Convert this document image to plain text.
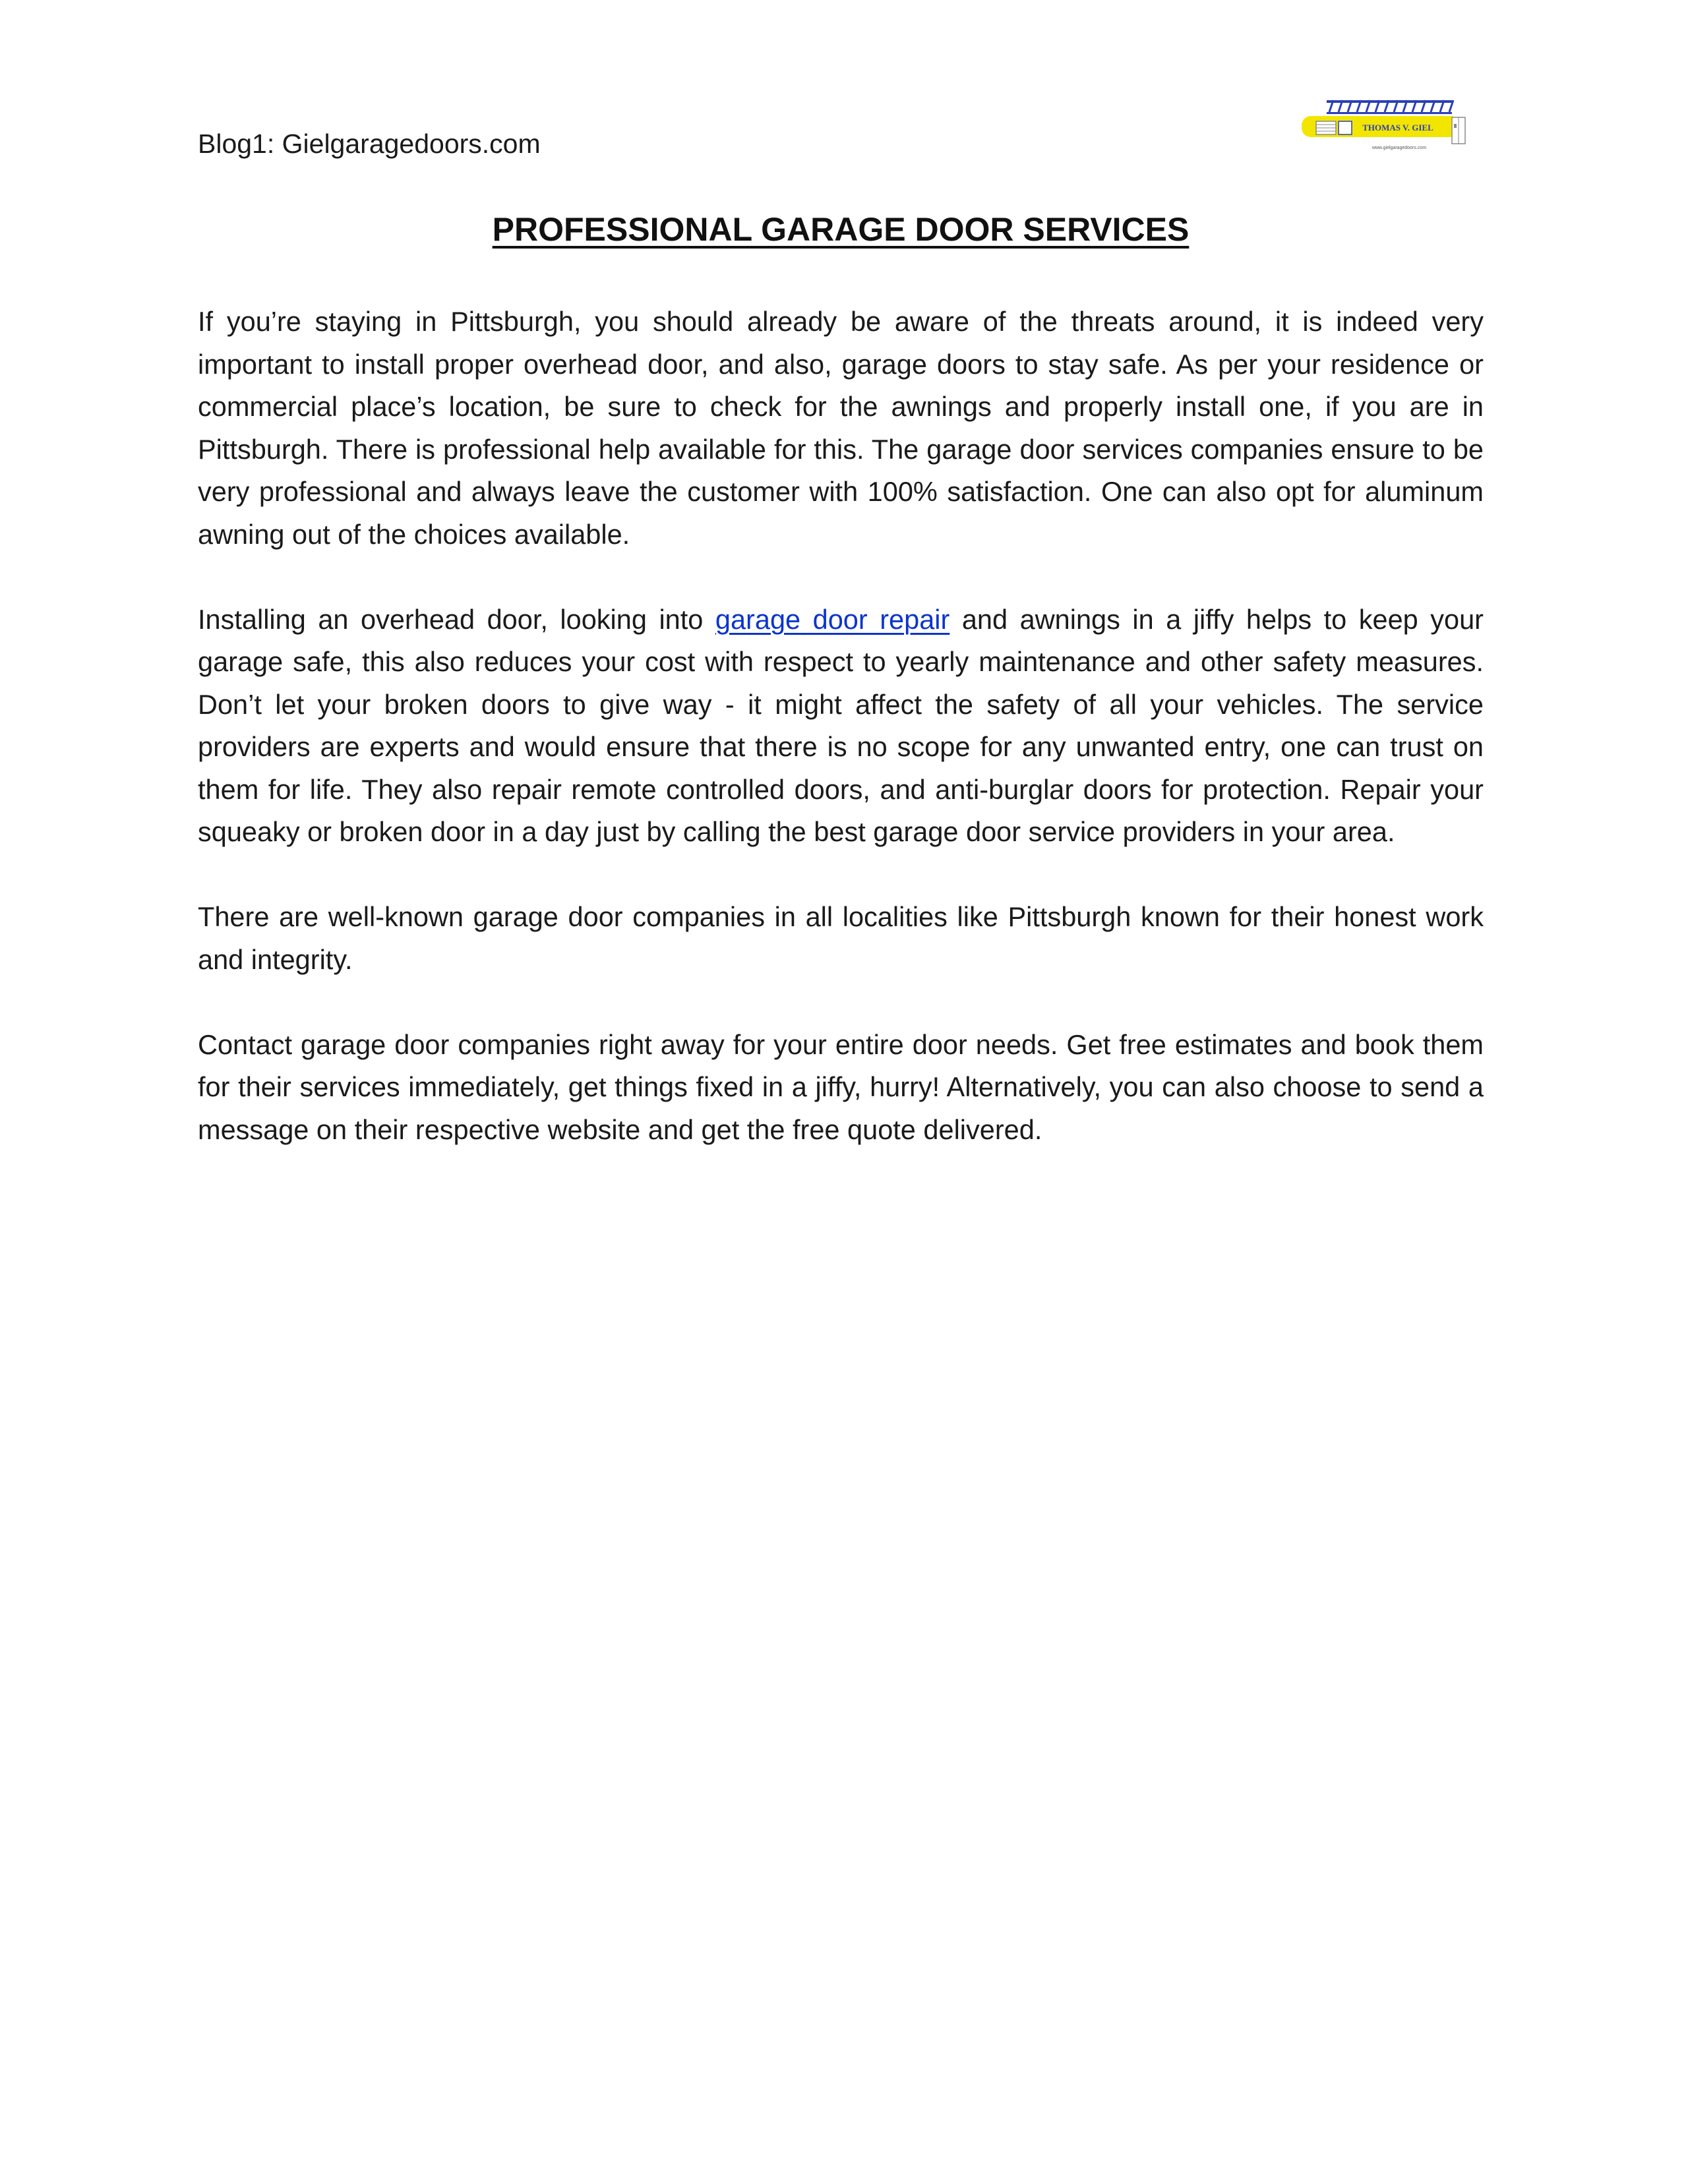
Blog1: Gielgaragedoors.com
THOMAS V. GIEL
www.gielgaragedoors.com
PROFESSIONAL GARAGE DOOR SERVICES

If you’re staying in Pittsburgh, you should already be aware of the threats around, it is indeed very important to install proper overhead door, and also, garage doors to stay safe. As per your residence or commercial place’s location, be sure to check for the awnings and properly install one, if you are in Pittsburgh. There is professional help available for this. The garage door services companies ensure to be very professional and always leave the customer with 100% satisfaction. One can also opt for aluminum awning out of the choices available.

Installing an overhead door, looking into garage door repair and awnings in a jiffy helps to keep your garage safe, this also reduces your cost with respect to yearly maintenance and other safety measures. Don’t let your broken doors to give way - it might affect the safety of all your vehicles. The service providers are experts and would ensure that there is no scope for any unwanted entry, one can trust on them for life. They also repair remote controlled doors, and anti-burglar doors for protection. Repair your squeaky or broken door in a day just by calling the best garage door service providers in your area.

There are well-known garage door companies in all localities like Pittsburgh known for their honest work and integrity.

Contact garage door companies right away for your entire door needs. Get free estimates and book them for their services immediately, get things fixed in a jiffy, hurry! Alternatively, you can also choose to send a message on their respective website and get the free quote delivered.
